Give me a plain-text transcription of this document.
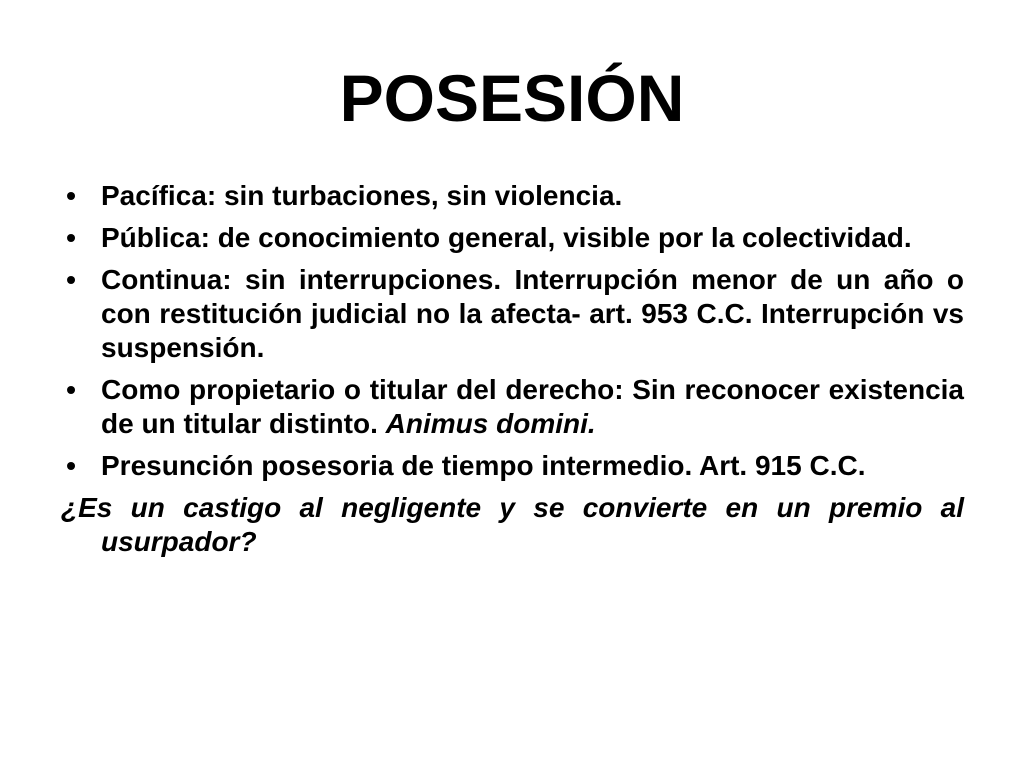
POSESIÓN
• Pacífica: sin turbaciones, sin violencia.
• Pública: de conocimiento general, visible por la colectividad.
• Continua: sin interrupciones. Interrupción menor de un año o con restitución judicial no la afecta- art. 953 C.C. Interrupción vs suspensión.
• Como propietario o titular del derecho: Sin reconocer existencia de un titular distinto. Animus domini.
• Presunción posesoria de tiempo intermedio. Art. 915 C.C.

¿Es un castigo al negligente y se convierte en un premio al usurpador?
